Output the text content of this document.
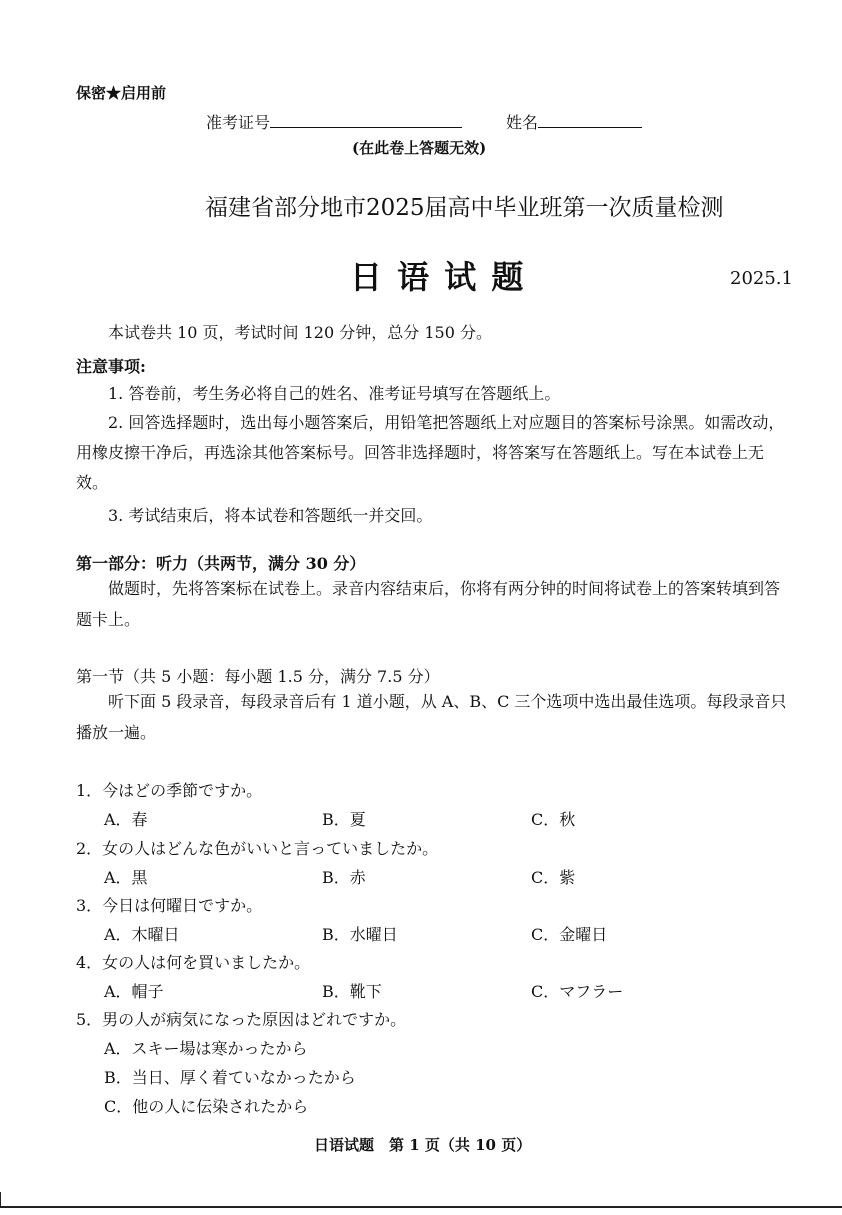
保密★启用前
准考证号	姓名
(在此卷上答题无效)
福建省部分地市2025届高中毕业班第一次质量检测
日 语 试 题	2025.1
本试卷共 10 页，考试时间 120 分钟，总分 150 分。
注意事项:
1. 答卷前，考生务必将自己的姓名、准考证号填写在答题纸上。
2. 回答选择题时，选出每小题答案后，用铅笔把答题纸上对应题目的答案标号涂黑。如需改动，用橡皮擦干净后，再选涂其他答案标号。回答非选择题时，将答案写在答题纸上。写在本试卷上无效。
3. 考试结束后，将本试卷和答题纸一并交回。
第一部分：听力（共两节，满分 30 分）
做题时，先将答案标在试卷上。录音内容结束后，你将有两分钟的时间将试卷上的答案转填到答题卡上。
第一节（共 5 小题：每小题 1.5 分，满分 7.5 分）
听下面 5 段录音，每段录音后有 1 道小题，从 A、B、C 三个选项中选出最佳选项。每段录音只播放一遍。
1．今はどの季節ですか。
A．春	B．夏	C．秋
2．女の人はどんな色がいいと言っていましたか。
A．黒	B．赤	C．紫
3．今日は何曜日ですか。
A．木曜日	B．水曜日	C．金曜日
4．女の人は何を買いましたか。
A．帽子	B．靴下	C．マフラー
5．男の人が病気になった原因はどれですか。
A．スキー場は寒かったから
B．当日、厚く着ていなかったから
C．他の人に伝染されたから
日语试题　第 1 页（共 10 页）
